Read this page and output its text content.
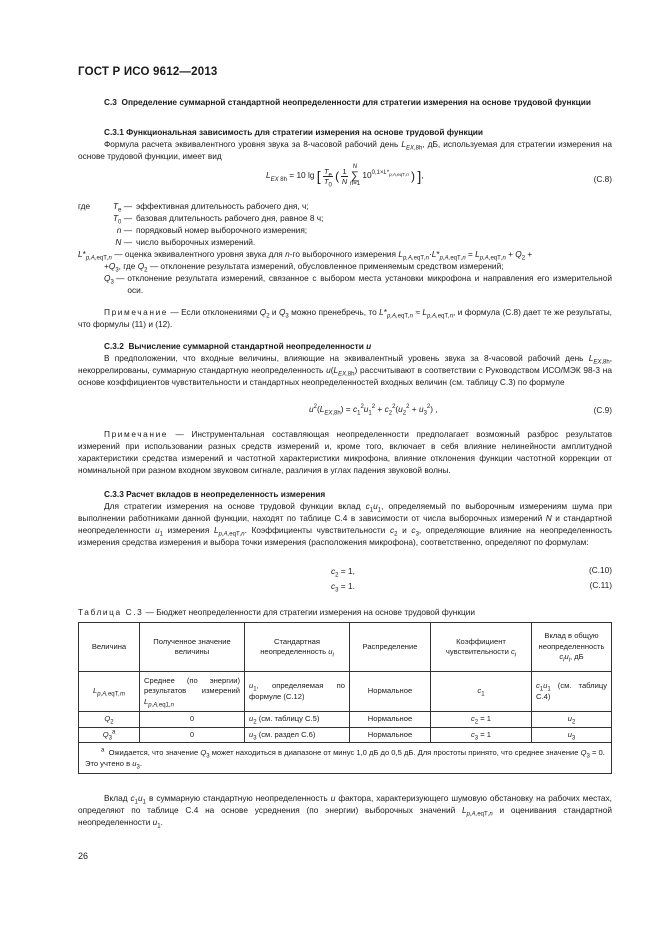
ГОСТ Р ИСО 9612—2013
С.3  Определение суммарной стандартной неопределенности для стратегии измерения на основе трудовой функции
С.3.1 Функциональная зависимость для стратегии измерения на основе трудовой функции
Формула расчета эквивалентного уровня звука за 8-часовой рабочий день $L_{EX,8h}$, дБ, используемая для стратегии измерения на основе трудовой функции, имеет вид
$L_{EX 8h} = 10$ lg [ $\frac{T_e}{T_0}$ ( $\frac{1}{N}$
N
∑
n=1
$10^{0,1\times L*_{p,A,eqT,n}}$ ) ],	(С.8)
где	$T_e$ — эффективная длительность рабочего дня, ч;
$T_0$ — базовая длительность рабочего дня, равное 8 ч;
n — порядковый номер выборочного измерения;
N — число выборочных измерений.
$L*_{p,A,eqT,n}$ — оценка эквивалентного уровня звука для n-го выборочного измерения $L_{p,A,eqT,n}\cdot L*_{p,A,eqT,n} = L_{p,A,eqT,n} + Q_2$ +
$+Q_3$, где $Q_2$ — отклонение результата измерений, обусловленное применяемым средством измерений;
$Q_3$ — отклонение результата измерений, связанное с выбором места установки микрофона и направления его измерительной оси.
Примечание — Если отклонениями $Q_2$ и $Q_3$ можно пренебречь, то $L*_{p,A,eqT,n} \approx L_{p,A,eqT,n}$, и формула (С.8) дает те же результаты, что формулы (11) и (12).
С.3.2  Вычисление суммарной стандартной неопределенности u
В предположении, что входные величины, влияющие на эквивалентный уровень звука за 8-часовой рабочий день $L_{EX,8h}$, некоррелированы, суммарную стандартную неопределенность $u(L_{EX,8h})$ рассчитывают в соответствии с Руководством ИСО/МЭК 98-3 на основе коэффициентов чувствительности и стандартных неопределенностей входных величин (см. таблицу С.3) по формуле
$u^2(L_{EX,8h}) = c_1^2u_1^2 + c_2^2(u_2^2 + u_3^2)$ ,	(С.9)
Примечание — Инструментальная составляющая неопределенности предполагает возможный разброс результатов измерений при использовании разных средств измерений и, кроме того, включает в себя влияние нелинейности амплитудной характеристики средства измерений и частотной характеристики микрофона, влияние отклонения функции частотной коррекции от номинальной при разном входном звуковом сигнале, различия в углах падения звуковой волны.
С.3.3 Расчет вкладов в неопределенность измерения
Для стратегии измерения на основе трудовой функции вклад $c_1u_1$, определяемый по выборочным измерениям шума при выполнении работниками данной функции, находят по таблице С.4 в зависимости от числа выборочных измерений N и стандартной неопределенности $u_1$ измерения $L_{p,A,eqT,n}$. Коэффициенты чувствительности $c_2$ и $c_3$, определяющие влияние на неопределенность измерения средства измерения и выбора точки измерения (расположения микрофона), соответственно, определяют по формулам:
$c_2 = 1$,	(С.10)
$c_3 = 1$.	(С.11)
Таблица С.3 — Бюджет неопределенности для стратегии измерения на основе трудовой функции
Величина	Полученное значение величины	Стандартная неопределенность $u_i$	Распределение	Коэффициент чувствительности $c_i$	Вклад в общую неопределенность $c_iu_i$, дБ
$L_{p,A,eqT,m}$	Среднее (по энергии) результатов измерений $L_{p,A,eq1,n}$	$u_1$, определяемая по формуле (С.12)	Нормальное	$c_1$	$c_1u_1$ (см. таблицу С.4)
$Q_2$	0	$u_2$ (см. таблицу С.5)	Нормальное	$c_2 = 1$	$u_2$
$Q_3^a$	0	$u_3$ (см. раздел С.6)	Нормальное	$c_3 = 1$	$u_3$
$^a$  Ожидается, что значение $Q_3$ может находиться в диапазоне от минус 1,0 дБ до 0,5 дБ. Для простоты принято, что среднее значение $Q_3 = 0$. Это учтено в $u_3$.					
Вклад $c_1u_1$ в суммарную стандартную неопределенность u фактора, характеризующего шумовую обстановку на рабочих местах, определяют по таблице С.4 на основе усреднения (по энергии) выборочных значений $L_{p,A,eqT,n}$ и оценивания стандартной неопределенности $u_1$.
26
